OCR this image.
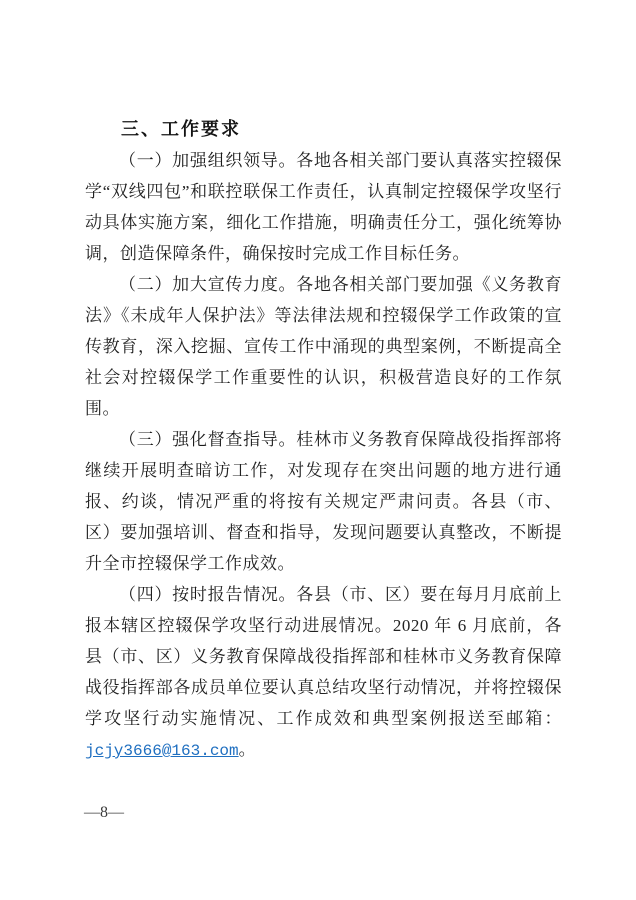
三、工作要求

（一）加强组织领导。各地各相关部门要认真落实控辍保学“双线四包”和联控联保工作责任，认真制定控辍保学攻坚行动具体实施方案，细化工作措施，明确责任分工，强化统筹协调，创造保障条件，确保按时完成工作目标任务。

（二）加大宣传力度。各地各相关部门要加强《义务教育法》《未成年人保护法》等法律法规和控辍保学工作政策的宣传教育，深入挖掘、宣传工作中涌现的典型案例，不断提高全社会对控辍保学工作重要性的认识，积极营造良好的工作氛围。

（三）强化督查指导。桂林市义务教育保障战役指挥部将继续开展明查暗访工作，对发现存在突出问题的地方进行通报、约谈，情况严重的将按有关规定严肃问责。各县（市、区）要加强培训、督查和指导，发现问题要认真整改，不断提升全市控辍保学工作成效。

（四）按时报告情况。各县（市、区）要在每月月底前上报本辖区控辍保学攻坚行动进展情况。2020 年 6 月底前，各县（市、区）义务教育保障战役指挥部和桂林市义务教育保障战役指挥部各成员单位要认真总结攻坚行动情况，并将控辍保学攻坚行动实施情况、工作成效和典型案例报送至邮箱：jcjy3666@163.com。

—8—
